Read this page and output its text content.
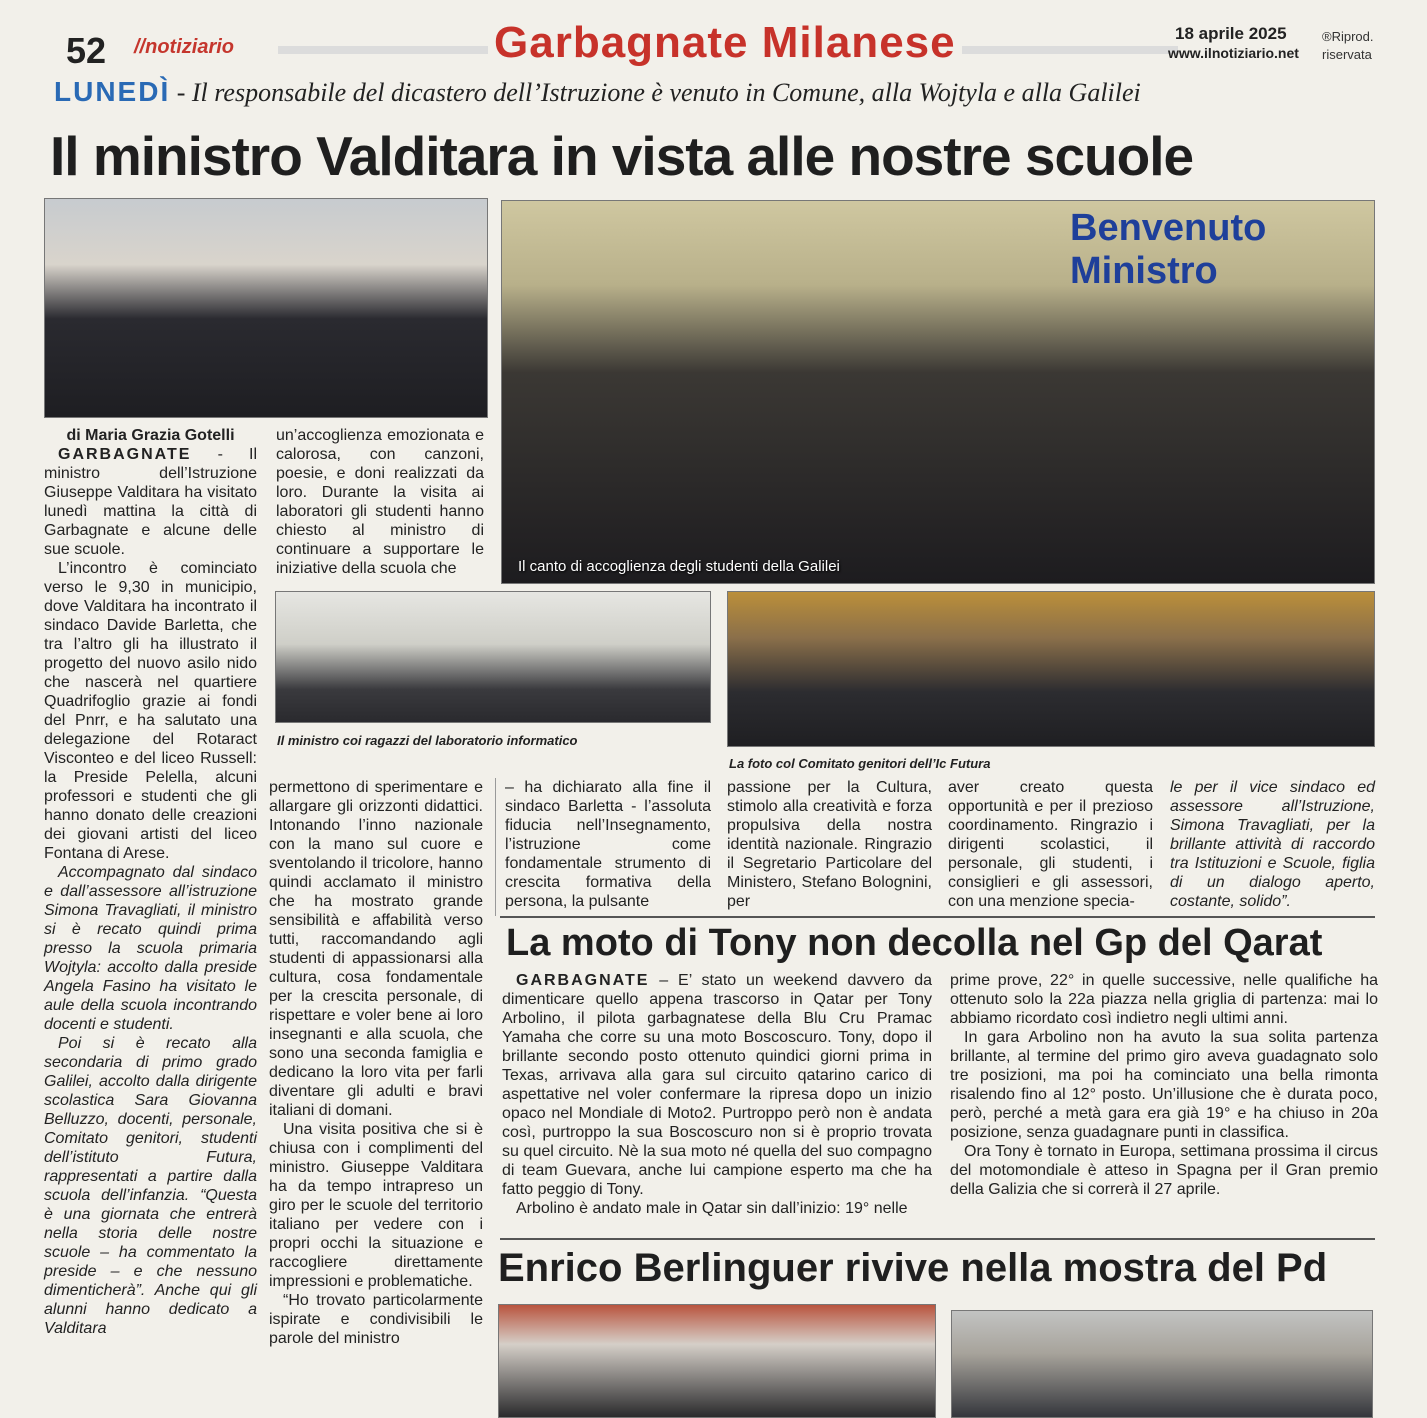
52 //notiziario	Garbagnate Milanese	18 aprile 2025
www.ilnotiziario.net
®Riprod.
riservata
LUNEDÌ - Il responsabile del dicastero dell’Istruzione è venuto in Comune, alla Wojtyla e alla Galilei
Il ministro Valditara in vista alle nostre scuole
Benvenuto Ministro
Il canto di accoglienza degli studenti della Galilei
Il ministro coi ragazzi del laboratorio informatico
La foto col Comitato genitori dell’Ic Futura
di Maria Grazia Gotelli

GARBAGNATE - Il ministro dell’Istruzione Giuseppe Valditara ha visitato lunedì mattina la città di Garbagnate e alcune delle sue scuole.

L’incontro è cominciato verso le 9,30 in municipio, dove Valditara ha incontrato il sindaco Davide Barletta, che tra l’altro gli ha illustrato il progetto del nuovo asilo nido che nascerà nel quartiere Quadrifoglio grazie ai fondi del Pnrr, e ha salutato una delegazione del Rotaract Visconteo e del liceo Russell: la Preside Pelella, alcuni professori e studenti che gli hanno donato delle creazioni dei giovani artisti del liceo Fontana di Arese.

Accompagnato dal sindaco e dall’assessore all’istruzione Simona Travagliati, il ministro si è recato quindi prima presso la scuola primaria Wojtyla: accolto dalla preside Angela Fasino ha visitato le aule della scuola incontrando docenti e studenti.

Poi si è recato alla secondaria di primo grado Galilei, accolto dalla dirigente scolastica Sara Giovanna Belluzzo, docenti, personale, Comitato genitori, studenti dell’istituto Futura, rappresentati a partire dalla scuola dell’infanzia. “Questa è una giornata che entrerà nella storia delle nostre scuole – ha commentato la preside – e che nessuno dimenticherà”. Anche qui gli alunni hanno dedicato a Valditara

un’accoglienza emozionata e calorosa, con canzoni, poesie, e doni realizzati da loro. Durante la visita ai laboratori gli studenti hanno chiesto al ministro di continuare a supportare le iniziative della scuola che

permettono di sperimentare e allargare gli orizzonti didattici. Intonando l’inno nazionale con la mano sul cuore e sventolando il tricolore, hanno quindi acclamato il ministro che ha mostrato grande sensibilità e affabilità verso tutti, raccomandando agli studenti di appassionarsi alla cultura, cosa fondamentale per la crescita personale, di rispettare e voler bene ai loro insegnanti e alla scuola, che sono una seconda famiglia e dedicano la loro vita per farli diventare gli adulti e bravi italiani di domani.

Una visita positiva che si è chiusa con i complimenti del ministro. Giuseppe Valditara ha da tempo intrapreso un giro per le scuole del territorio italiano per vedere con i propri occhi la situazione e raccogliere direttamente impressioni e problematiche.

“Ho trovato particolarmente ispirate e condivisibili le parole del ministro

– ha dichiarato alla fine il sindaco Barletta - l’assoluta fiducia nell’Insegnamento, l’istruzione come fondamentale strumento di crescita formativa della persona, la pulsante
passione per la Cultura, stimolo alla creatività e forza propulsiva della nostra identità nazionale. Ringrazio il Segretario Particolare del Ministero, Stefano Bolognini, per
aver creato questa opportunità e per il prezioso coordinamento. Ringrazio i dirigenti scolastici, il personale, gli studenti, i consiglieri e gli assessori, con una menzione specia-
le per il vice sindaco ed assessore all’Istruzione, Simona Travagliati, per la brillante attività di raccordo tra Istituzioni e Scuole, figlia di un dialogo aperto, costante, solido”.
La moto di Tony non decolla nel Gp del Qarat

GARBAGNATE – E’ stato un weekend davvero da dimenticare quello appena trascorso in Qatar per Tony Arbolino, il pilota garbagnatese della Blu Cru Pramac Yamaha che corre su una moto Boscoscuro. Tony, dopo il brillante secondo posto ottenuto quindici giorni prima in Texas, arrivava alla gara sul circuito qatarino carico di aspettative nel voler confermare la ripresa dopo un inizio opaco nel Mondiale di Moto2. Purtroppo però non è andata così, purtroppo la sua Boscoscuro non si è proprio trovata su quel circuito. Nè la sua moto né quella del suo compagno di team Guevara, anche lui campione esperto ma che ha fatto peggio di Tony.

Arbolino è andato male in Qatar sin dall’inizio: 19° nelle

prime prove, 22° in quelle successive, nelle qualifiche ha ottenuto solo la 22a piazza nella griglia di partenza: mai lo abbiamo ricordato così indietro negli ultimi anni.

In gara Arbolino non ha avuto la sua solita partenza brillante, al termine del primo giro aveva guadagnato solo tre posizioni, ma poi ha cominciato una bella rimonta risalendo fino al 12° posto. Un’illusione che è durata poco, però, perché a metà gara era già 19° e ha chiuso in 20a posizione, senza guadagnare punti in classifica.

Ora Tony è tornato in Europa, settimana prossima il circus del motomondiale è atteso in Spagna per il Gran premio della Galizia che si correrà il 27 aprile.

Enrico Berlinguer rivive nella mostra del Pd
